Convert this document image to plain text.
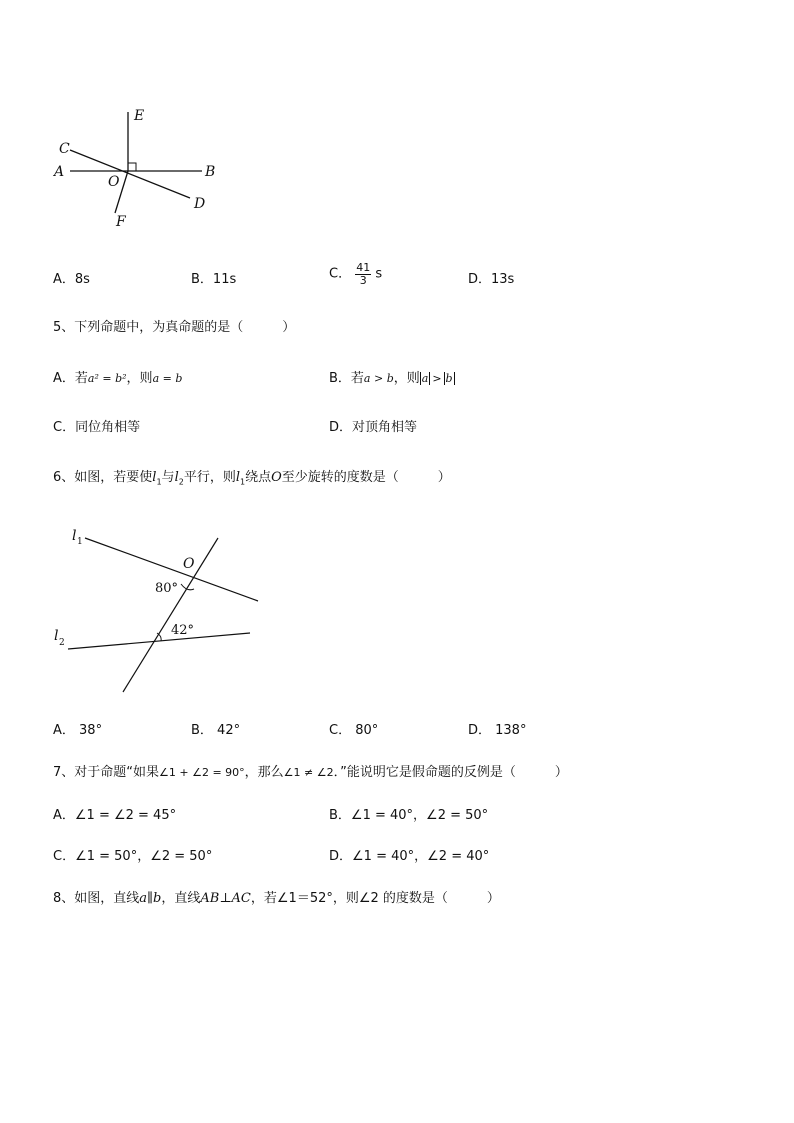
E
C
A
O
B
D
F
A．8s	B．11s	C． $\frac{41}{3}$ s	D．13s
5、下列命题中，为真命题的是（　　　）
A．若a² = b²，则a = b	B．若a > b，则 a > b
C．同位角相等	D．对顶角相等
6、如图，若要使$l_1$与$l_2$平行，则$l_1$绕点O至少旋转的度数是（　　　）
l 1
l 2
O
80°
42°
A． 38°	B． 42°	C． 80°	D． 138°
7、对于命题“如果∠1 + ∠2 = 90°，那么∠1 ≠ ∠2．”能说明它是假命题的反例是（　　　）
A．∠1 = ∠2 = 45°	B．∠1 = 40°，∠2 = 50°
C．∠1 = 50°，∠2 = 50°	D．∠1 = 40°，∠2 = 40°
8、如图，直线a∥b，直线AB⊥AC，若∠1＝52°，则∠2 的度数是（　　　）
